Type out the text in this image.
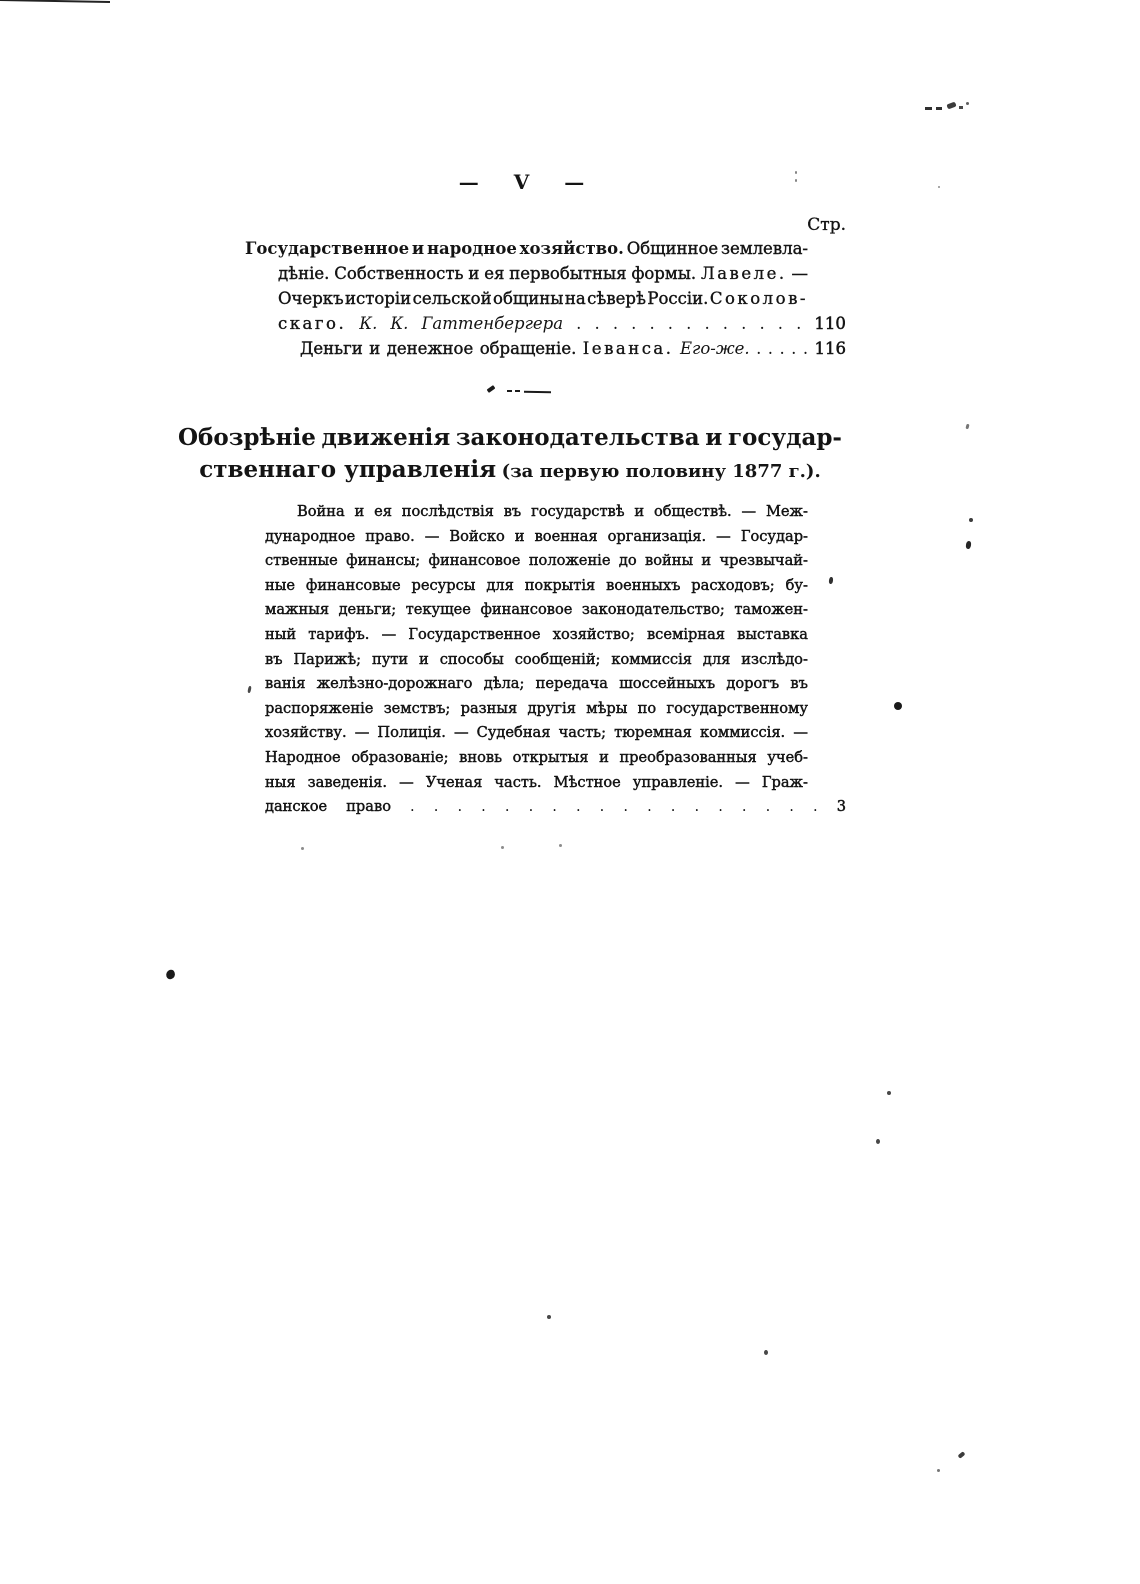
— V —
Стр.
Государственное и народное хозяйство. Общинное землевла-
дѣніе. Собственность и ея первобытныя формы. Лавеле. —
Очеркъ исторіи сельской общины на сѣверѣ Россіи. Соколов-
скаго. К. К. Гаттенбергера . . . . . . . . . . . . . 110
Деньги и денежное обращеніе. Іеванса. Его-же. . . . . . 116
Обозрѣніе движенія законодательства и государ-
ственнаго управленія (за первую половину 1877 г.).
Война и ея послѣдствія въ государствѣ и обществѣ. — Меж-
дународное право. — Войско и военная организація. — Государ-
ственные финансы; финансовое положеніе до войны и чрезвычай-
ные финансовые ресурсы для покрытія военныхъ расходовъ; бу-
мажныя деньги; текущее финансовое законодательство; таможен-
ный тарифъ. — Государственное хозяйство; всемірная выставка
въ Парижѣ; пути и способы сообщеній; коммиссія для изслѣдо-
ванія желѣзно-дорожнаго дѣла; передача шоссейныхъ дорогъ въ
распоряженіе земствъ; разныя другія мѣры по государственному
хозяйству. — Полиція. — Судебная часть; тюремная коммиссія. —
Народное образованіе; вновь открытыя и преобразованныя учеб-
ныя заведенія. — Ученая часть. Мѣстное управленіе. — Граж-
данское право . . . . . . . . . . . . . . . . . . 3
